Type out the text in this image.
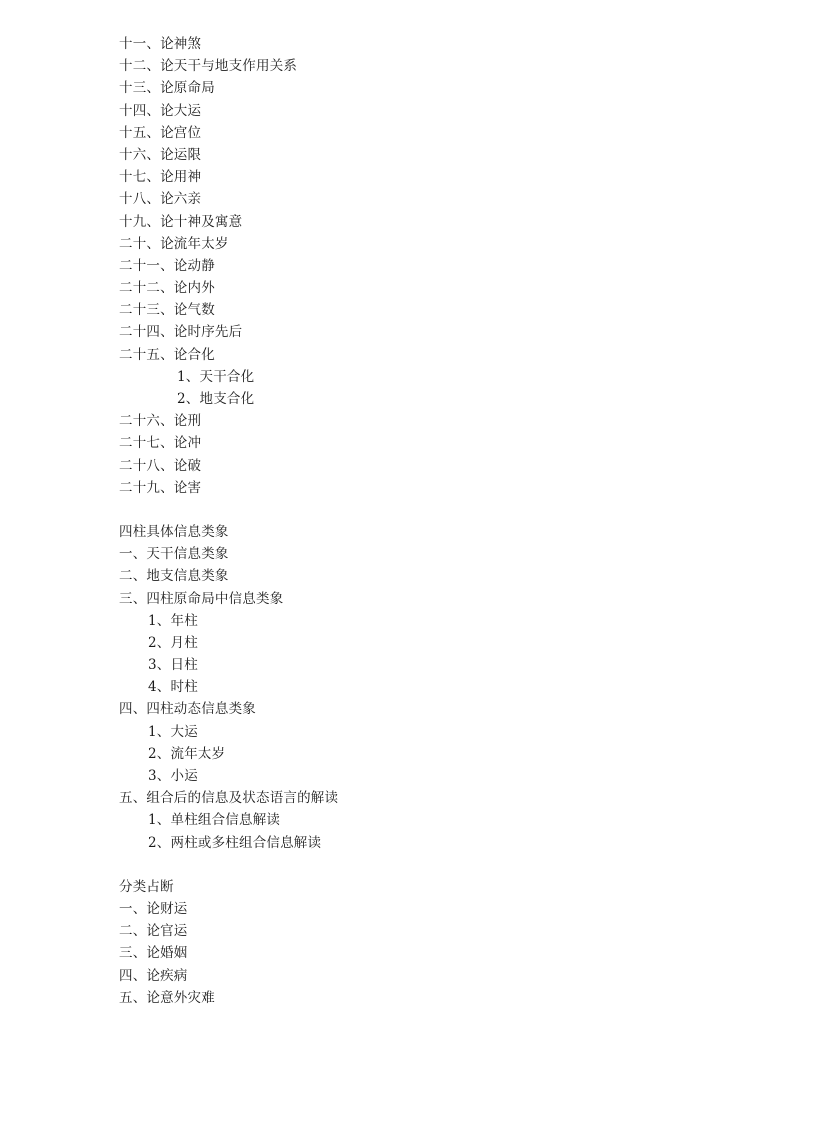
十一、论神煞
十二、论天干与地支作用关系
十三、论原命局
十四、论大运
十五、论宫位
十六、论运限
十七、论用神
十八、论六亲
十九、论十神及寓意
二十、论流年太岁
二十一、论动静
二十二、论内外
二十三、论气数
二十四、论时序先后
二十五、论合化
1、天干合化
2、地支合化
二十六、论刑
二十七、论冲
二十八、论破
二十九、论害
四柱具体信息类象
一、天干信息类象
二、地支信息类象
三、四柱原命局中信息类象
1、年柱
2、月柱
3、日柱
4、时柱
四、四柱动态信息类象
1、大运
2、流年太岁
3、小运
五、组合后的信息及状态语言的解读
1、单柱组合信息解读
2、两柱或多柱组合信息解读
分类占断
一、论财运
二、论官运
三、论婚姻
四、论疾病
五、论意外灾难
